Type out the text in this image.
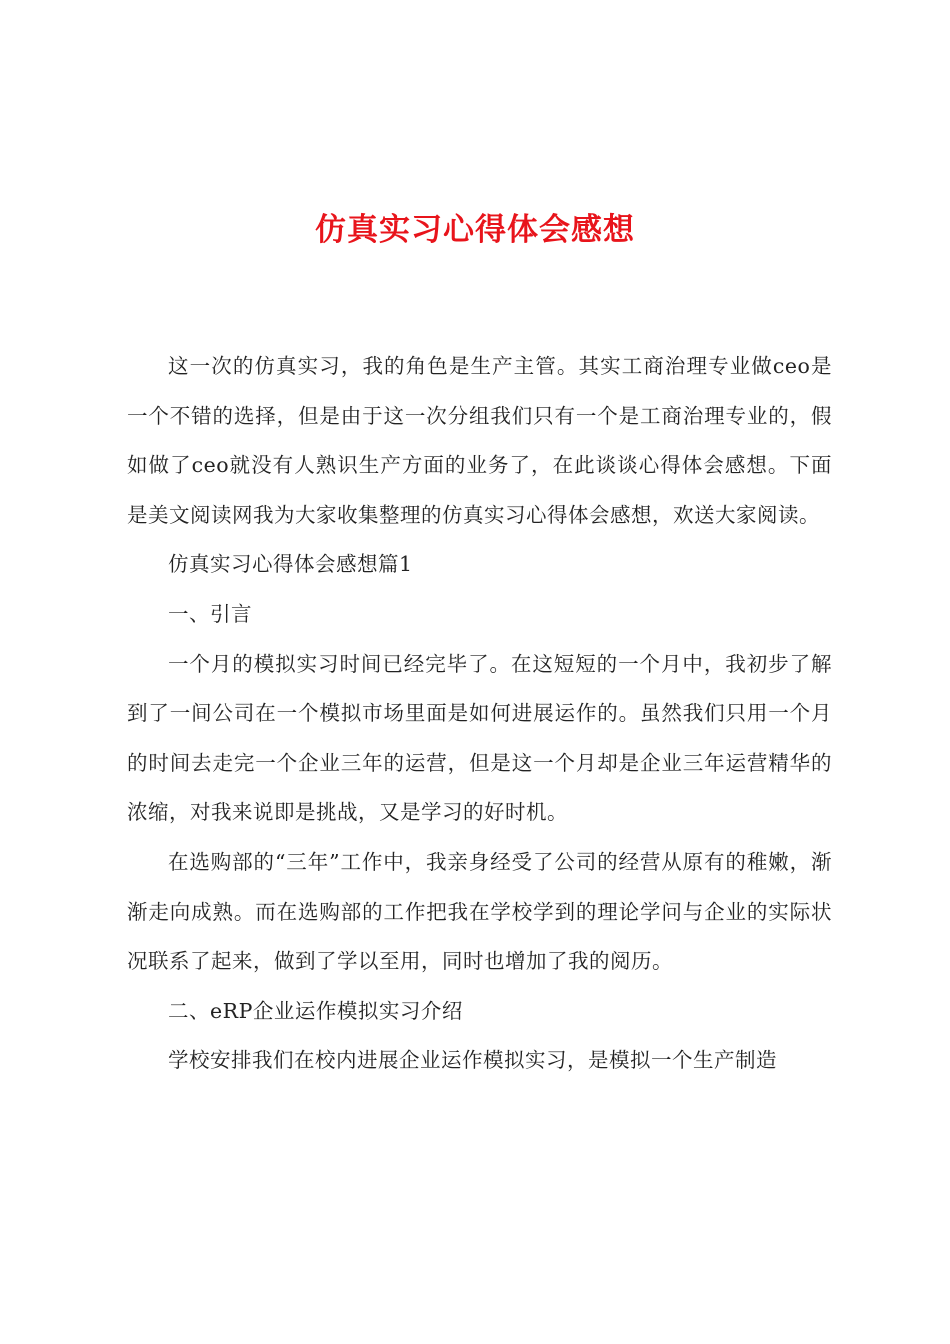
仿真实习心得体会感想

这一次的仿真实习，我的角色是生产主管。其实工商治理专业做ceo是一个不错的选择，但是由于这一次分组我们只有一个是工商治理专业的，假如做了ceo就没有人熟识生产方面的业务了，在此谈谈心得体会感想。下面是美文阅读网我为大家收集整理的仿真实习心得体会感想，欢送大家阅读。

仿真实习心得体会感想篇1

一、引言

一个月的模拟实习时间已经完毕了。在这短短的一个月中，我初步了解到了一间公司在一个模拟市场里面是如何进展运作的。虽然我们只用一个月的时间去走完一个企业三年的运营，但是这一个月却是企业三年运营精华的浓缩，对我来说即是挑战，又是学习的好时机。

在选购部的“三年”工作中，我亲身经受了公司的经营从原有的稚嫩，渐渐走向成熟。而在选购部的工作把我在学校学到的理论学问与企业的实际状况联系了起来，做到了学以至用，同时也增加了我的阅历。

二、eRP企业运作模拟实习介绍

学校安排我们在校内进展企业运作模拟实习，是模拟一个生产制造
